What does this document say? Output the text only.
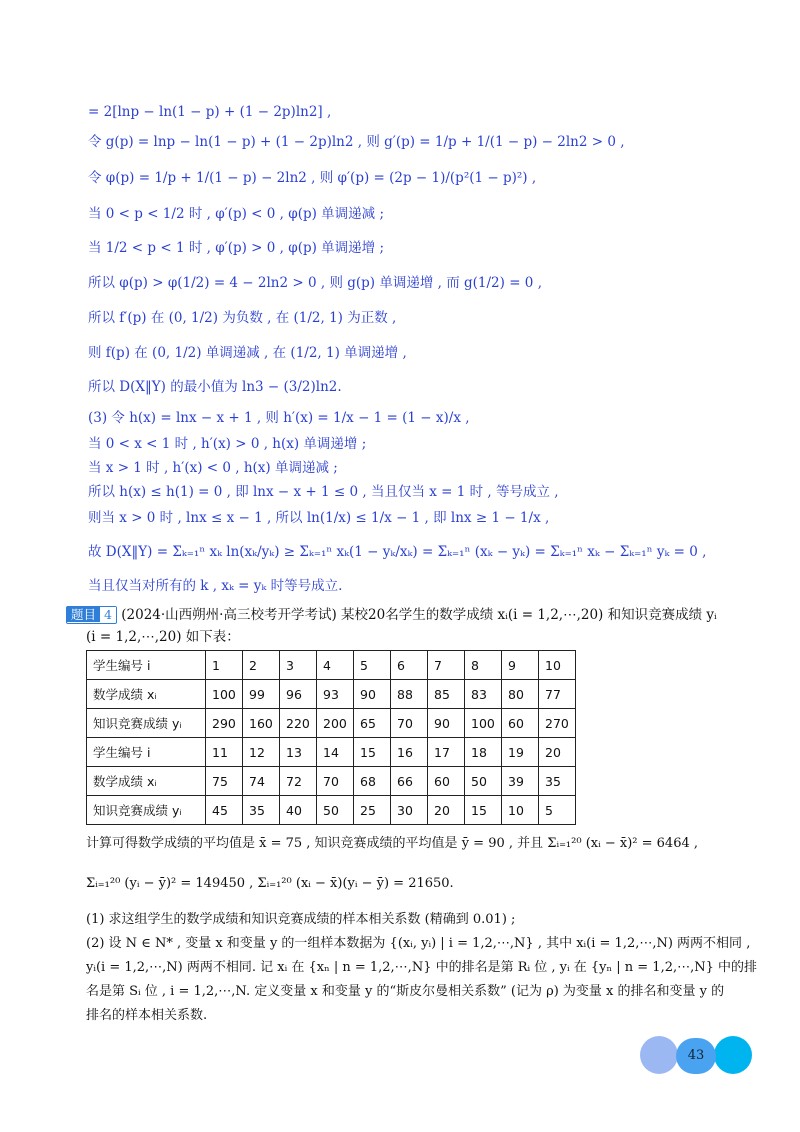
= 2[lnp − ln(1 − p) + (1 − 2p)ln2] ,
令 g(p) = lnp − ln(1 − p) + (1 − 2p)ln2 , 则 g′(p) = 1/p + 1/(1 − p) − 2ln2 > 0 ,
令 φ(p) = 1/p + 1/(1 − p) − 2ln2 , 则 φ′(p) = (2p − 1)/(p²(1 − p)²) ,
当 0 < p < 1/2 时 , φ′(p) < 0 , φ(p) 单调递减 ;
当 1/2 < p < 1 时 , φ′(p) > 0 , φ(p) 单调递增 ;
所以 φ(p) > φ(1/2) = 4 − 2ln2 > 0 , 则 g(p) 单调递增 , 而 g(1/2) = 0 ,
所以 f′(p) 在 (0, 1/2) 为负数 , 在 (1/2, 1) 为正数 ,
则 f(p) 在 (0, 1/2) 单调递减 , 在 (1/2, 1) 单调递增 ,
所以 D(X‖Y) 的最小值为 ln3 − (3/2)ln2.
(3) 令 h(x) = lnx − x + 1 , 则 h′(x) = 1/x − 1 = (1 − x)/x ,
当 0 < x < 1 时 , h′(x) > 0 , h(x) 单调递增 ;
当 x > 1 时 , h′(x) < 0 , h(x) 单调递减 ;
所以 h(x) ≤ h(1) = 0 , 即 lnx − x + 1 ≤ 0 , 当且仅当 x = 1 时 , 等号成立 ,
则当 x > 0 时 , lnx ≤ x − 1 , 所以 ln(1/x) ≤ 1/x − 1 , 即 lnx ≥ 1 − 1/x ,
故 D(X‖Y) = Σₖ₌₁ⁿ xₖ ln(xₖ/yₖ) ≥ Σₖ₌₁ⁿ xₖ(1 − yₖ/xₖ) = Σₖ₌₁ⁿ (xₖ − yₖ) = Σₖ₌₁ⁿ xₖ − Σₖ₌₁ⁿ yₖ = 0 ,
当且仅当对所有的 k , xₖ = yₖ 时等号成立.
题目 4 (2024·山西朔州·高三校考开学考试) 某校20名学生的数学成绩 xᵢ(i = 1,2,⋯,20) 和知识竞赛成绩 yᵢ
(i = 1,2,⋯,20) 如下表：
学生编号 i	1	2	3	4	5	6	7	8	9	10
数学成绩 xᵢ	100	99	96	93	90	88	85	83	80	77
知识竞赛成绩 yᵢ	290	160	220	200	65	70	90	100	60	270
学生编号 i	11	12	13	14	15	16	17	18	19	20
数学成绩 xᵢ	75	74	72	70	68	66	60	50	39	35
知识竞赛成绩 yᵢ	45	35	40	50	25	30	20	15	10	5
计算可得数学成绩的平均值是 x̄ = 75 , 知识竞赛成绩的平均值是 ȳ = 90 , 并且 Σᵢ₌₁²⁰ (xᵢ − x̄)² = 6464 ,
Σᵢ₌₁²⁰ (yᵢ − ȳ)² = 149450 , Σᵢ₌₁²⁰ (xᵢ − x̄)(yᵢ − ȳ) = 21650.
(1) 求这组学生的数学成绩和知识竞赛成绩的样本相关系数 (精确到 0.01) ;
(2) 设 N ∈ N* , 变量 x 和变量 y 的一组样本数据为 {(xᵢ, yᵢ) | i = 1,2,⋯,N} , 其中 xᵢ(i = 1,2,⋯,N) 两两不相同 ,
yᵢ(i = 1,2,⋯,N) 两两不相同. 记 xᵢ 在 {xₙ | n = 1,2,⋯,N} 中的排名是第 Rᵢ 位 , yᵢ 在 {yₙ | n = 1,2,⋯,N} 中的排
名是第 Sᵢ 位 , i = 1,2,⋯,N. 定义变量 x 和变量 y 的“斯皮尔曼相关系数” (记为 ρ) 为变量 x 的排名和变量 y 的
排名的样本相关系数.
43
